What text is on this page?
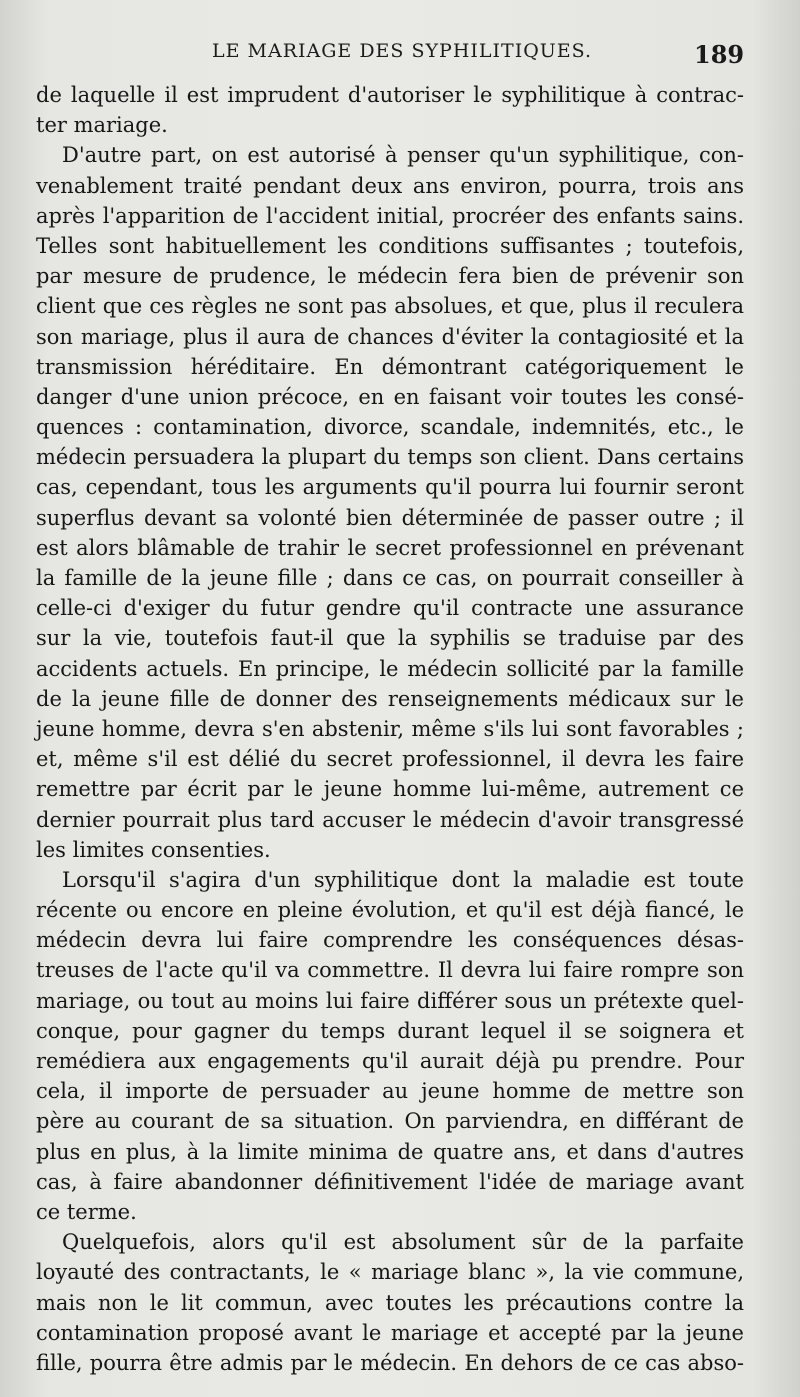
LE MARIAGE DES SYPHILITIQUES.	189
de laquelle il est imprudent d'autoriser le syphilitique à contrac-
ter mariage.
D'autre part, on est autorisé à penser qu'un syphilitique, con-
venablement traité pendant deux ans environ, pourra, trois ans
après l'apparition de l'accident initial, procréer des enfants sains.
Telles sont habituellement les conditions suffisantes ; toutefois,
par mesure de prudence, le médecin fera bien de prévenir son
client que ces règles ne sont pas absolues, et que, plus il reculera
son mariage, plus il aura de chances d'éviter la contagiosité et la
transmission héréditaire. En démontrant catégoriquement le
danger d'une union précoce, en en faisant voir toutes les consé-
quences : contamination, divorce, scandale, indemnités, etc., le
médecin persuadera la plupart du temps son client. Dans certains
cas, cependant, tous les arguments qu'il pourra lui fournir seront
superflus devant sa volonté bien déterminée de passer outre ; il
est alors blâmable de trahir le secret professionnel en prévenant
la famille de la jeune fille ; dans ce cas, on pourrait conseiller à
celle-ci d'exiger du futur gendre qu'il contracte une assurance
sur la vie, toutefois faut-il que la syphilis se traduise par des
accidents actuels. En principe, le médecin sollicité par la famille
de la jeune fille de donner des renseignements médicaux sur le
jeune homme, devra s'en abstenir, même s'ils lui sont favorables ;
et, même s'il est délié du secret professionnel, il devra les faire
remettre par écrit par le jeune homme lui-même, autrement ce
dernier pourrait plus tard accuser le médecin d'avoir transgressé
les limites consenties.
Lorsqu'il s'agira d'un syphilitique dont la maladie est toute
récente ou encore en pleine évolution, et qu'il est déjà fiancé, le
médecin devra lui faire comprendre les conséquences désas-
treuses de l'acte qu'il va commettre. Il devra lui faire rompre son
mariage, ou tout au moins lui faire différer sous un prétexte quel-
conque, pour gagner du temps durant lequel il se soignera et
remédiera aux engagements qu'il aurait déjà pu prendre. Pour
cela, il importe de persuader au jeune homme de mettre son
père au courant de sa situation. On parviendra, en différant de
plus en plus, à la limite minima de quatre ans, et dans d'autres
cas, à faire abandonner définitivement l'idée de mariage avant
ce terme.
Quelquefois, alors qu'il est absolument sûr de la parfaite
loyauté des contractants, le « mariage blanc », la vie commune,
mais non le lit commun, avec toutes les précautions contre la
contamination proposé avant le mariage et accepté par la jeune
fille, pourra être admis par le médecin. En dehors de ce cas abso-
